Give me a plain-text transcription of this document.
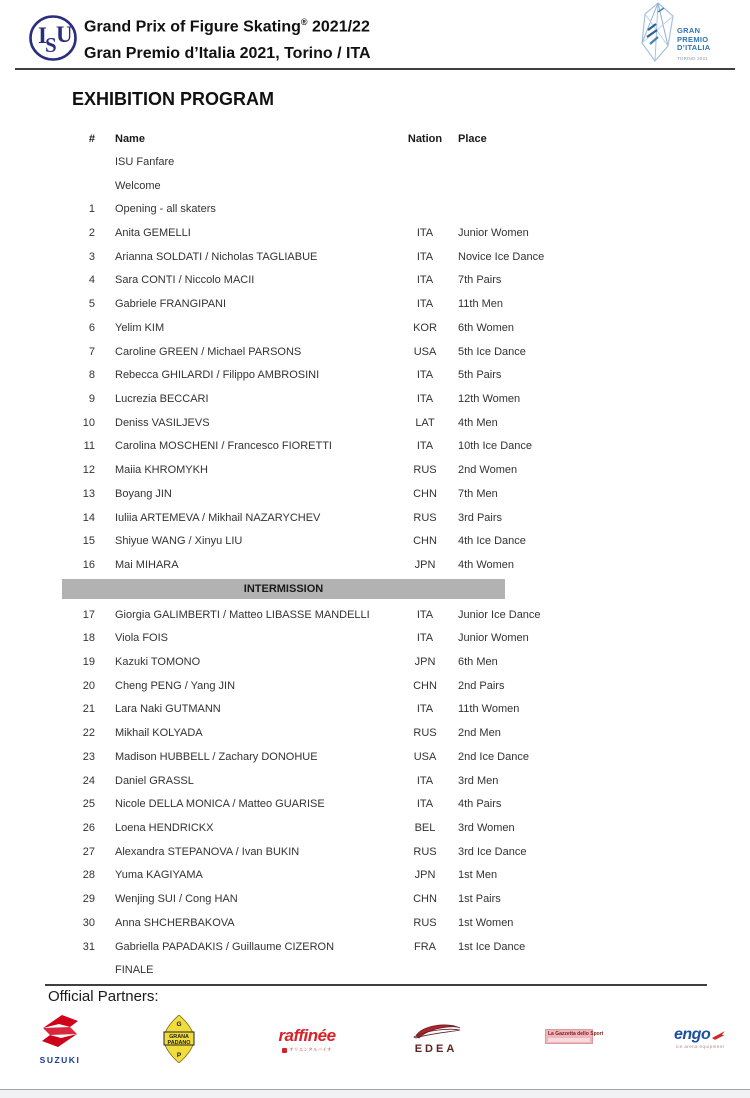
I
S U Grand Prix of Figure Skating® 2021/22
Gran Premio d’Italia 2021, Torino / ITA
GRAN
PREMIO
D’ITALIA
TORINO 2021
EXHIBITION PROGRAM
#	Name	Nation	Place
ISU Fanfare
Welcome
1	Opening - all skaters
2	Anita GEMELLI	ITA	Junior Women
3	Arianna SOLDATI / Nicholas TAGLIABUE	ITA	Novice Ice Dance
4	Sara CONTI / Niccolo MACII	ITA	7th Pairs
5	Gabriele FRANGIPANI	ITA	11th Men
6	Yelim KIM	KOR	6th Women
7	Caroline GREEN / Michael PARSONS	USA	5th Ice Dance
8	Rebecca GHILARDI / Filippo AMBROSINI	ITA	5th Pairs
9	Lucrezia BECCARI	ITA	12th Women
10	Deniss VASILJEVS	LAT	4th Men
11	Carolina MOSCHENI / Francesco FIORETTI	ITA	10th Ice Dance
12	Maiia KHROMYKH	RUS	2nd Women
13	Boyang JIN	CHN	7th Men
14	Iuliia ARTEMEVA / Mikhail NAZARYCHEV	RUS	3rd Pairs
15	Shiyue WANG / Xinyu LIU	CHN	4th Ice Dance
16	Mai MIHARA	JPN	4th Women
INTERMISSION
17	Giorgia GALIMBERTI / Matteo LIBASSE MANDELLI	ITA	Junior Ice Dance
18	Viola FOIS	ITA	Junior Women
19	Kazuki TOMONO	JPN	6th Men
20	Cheng PENG / Yang JIN	CHN	2nd Pairs
21	Lara Naki GUTMANN	ITA	11th Women
22	Mikhail KOLYADA	RUS	2nd Men
23	Madison HUBBELL / Zachary DONOHUE	USA	2nd Ice Dance
24	Daniel GRASSL	ITA	3rd Men
25	Nicole DELLA MONICA / Matteo GUARISE	ITA	4th Pairs
26	Loena HENDRICKX	BEL	3rd Women
27	Alexandra STEPANOVA / Ivan BUKIN	RUS	3rd Ice Dance
28	Yuma KAGIYAMA	JPN	1st Men
29	Wenjing SUI / Cong HAN	CHN	1st Pairs
30	Anna SHCHERBAKOVA	RUS	1st Women
31	Gabriella PAPADAKIS / Guillaume CIZERON	FRA	1st Ice Dance
FINALE
Official Partners:
SUZUKI
GRANA
PADANO
G
P
raffinée
オリエンタルバイオ	EDEA
La Gazzetta dello Sport	engo
ice arena equipment
